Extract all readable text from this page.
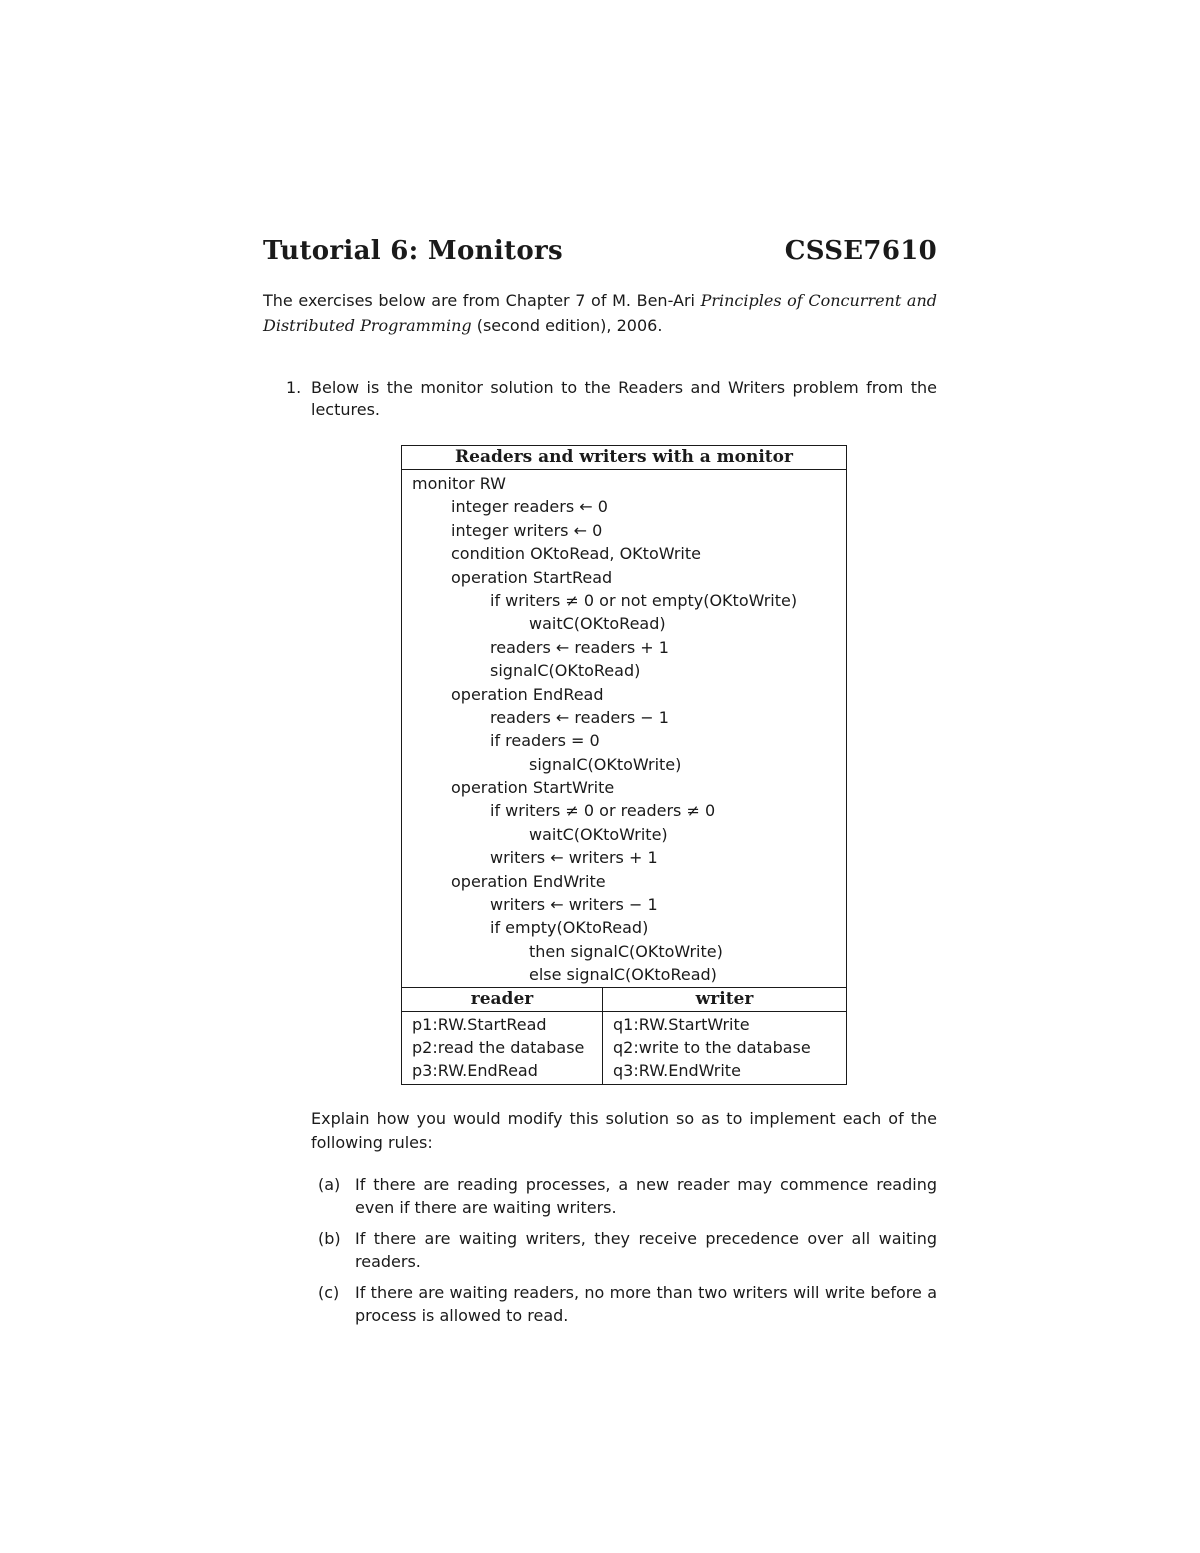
Tutorial 6: Monitors	CSSE7610
The exercises below are from Chapter 7 of M. Ben-Ari Principles of Concurrent and Distributed Programming (second edition), 2006.
1. Below is the monitor solution to the Readers and Writers problem from the lectures.
Readers and writers with a monitor
monitor RW
integer readers ← 0
integer writers ← 0
condition OKtoRead, OKtoWrite
operation StartRead
if writers ≠ 0 or not empty(OKtoWrite)
waitC(OKtoRead)
readers ← readers + 1
signalC(OKtoRead)
operation EndRead
readers ← readers − 1
if readers = 0
signalC(OKtoWrite)
operation StartWrite
if writers ≠ 0 or readers ≠ 0
waitC(OKtoWrite)
writers ← writers + 1
operation EndWrite
writers ← writers − 1
if empty(OKtoRead)
then signalC(OKtoWrite)
else signalC(OKtoRead)
reader
p1:RW.StartRead
p2:read the database
p3:RW.EndRead
writer
q1:RW.StartWrite
q2:write to the database
q3:RW.EndWrite
Explain how you would modify this solution so as to implement each of the following rules:
(a) If there are reading processes, a new reader may commence reading even if there are waiting writers.
(b) If there are waiting writers, they receive precedence over all waiting readers.
(c) If there are waiting readers, no more than two writers will write before a process is allowed to read.
